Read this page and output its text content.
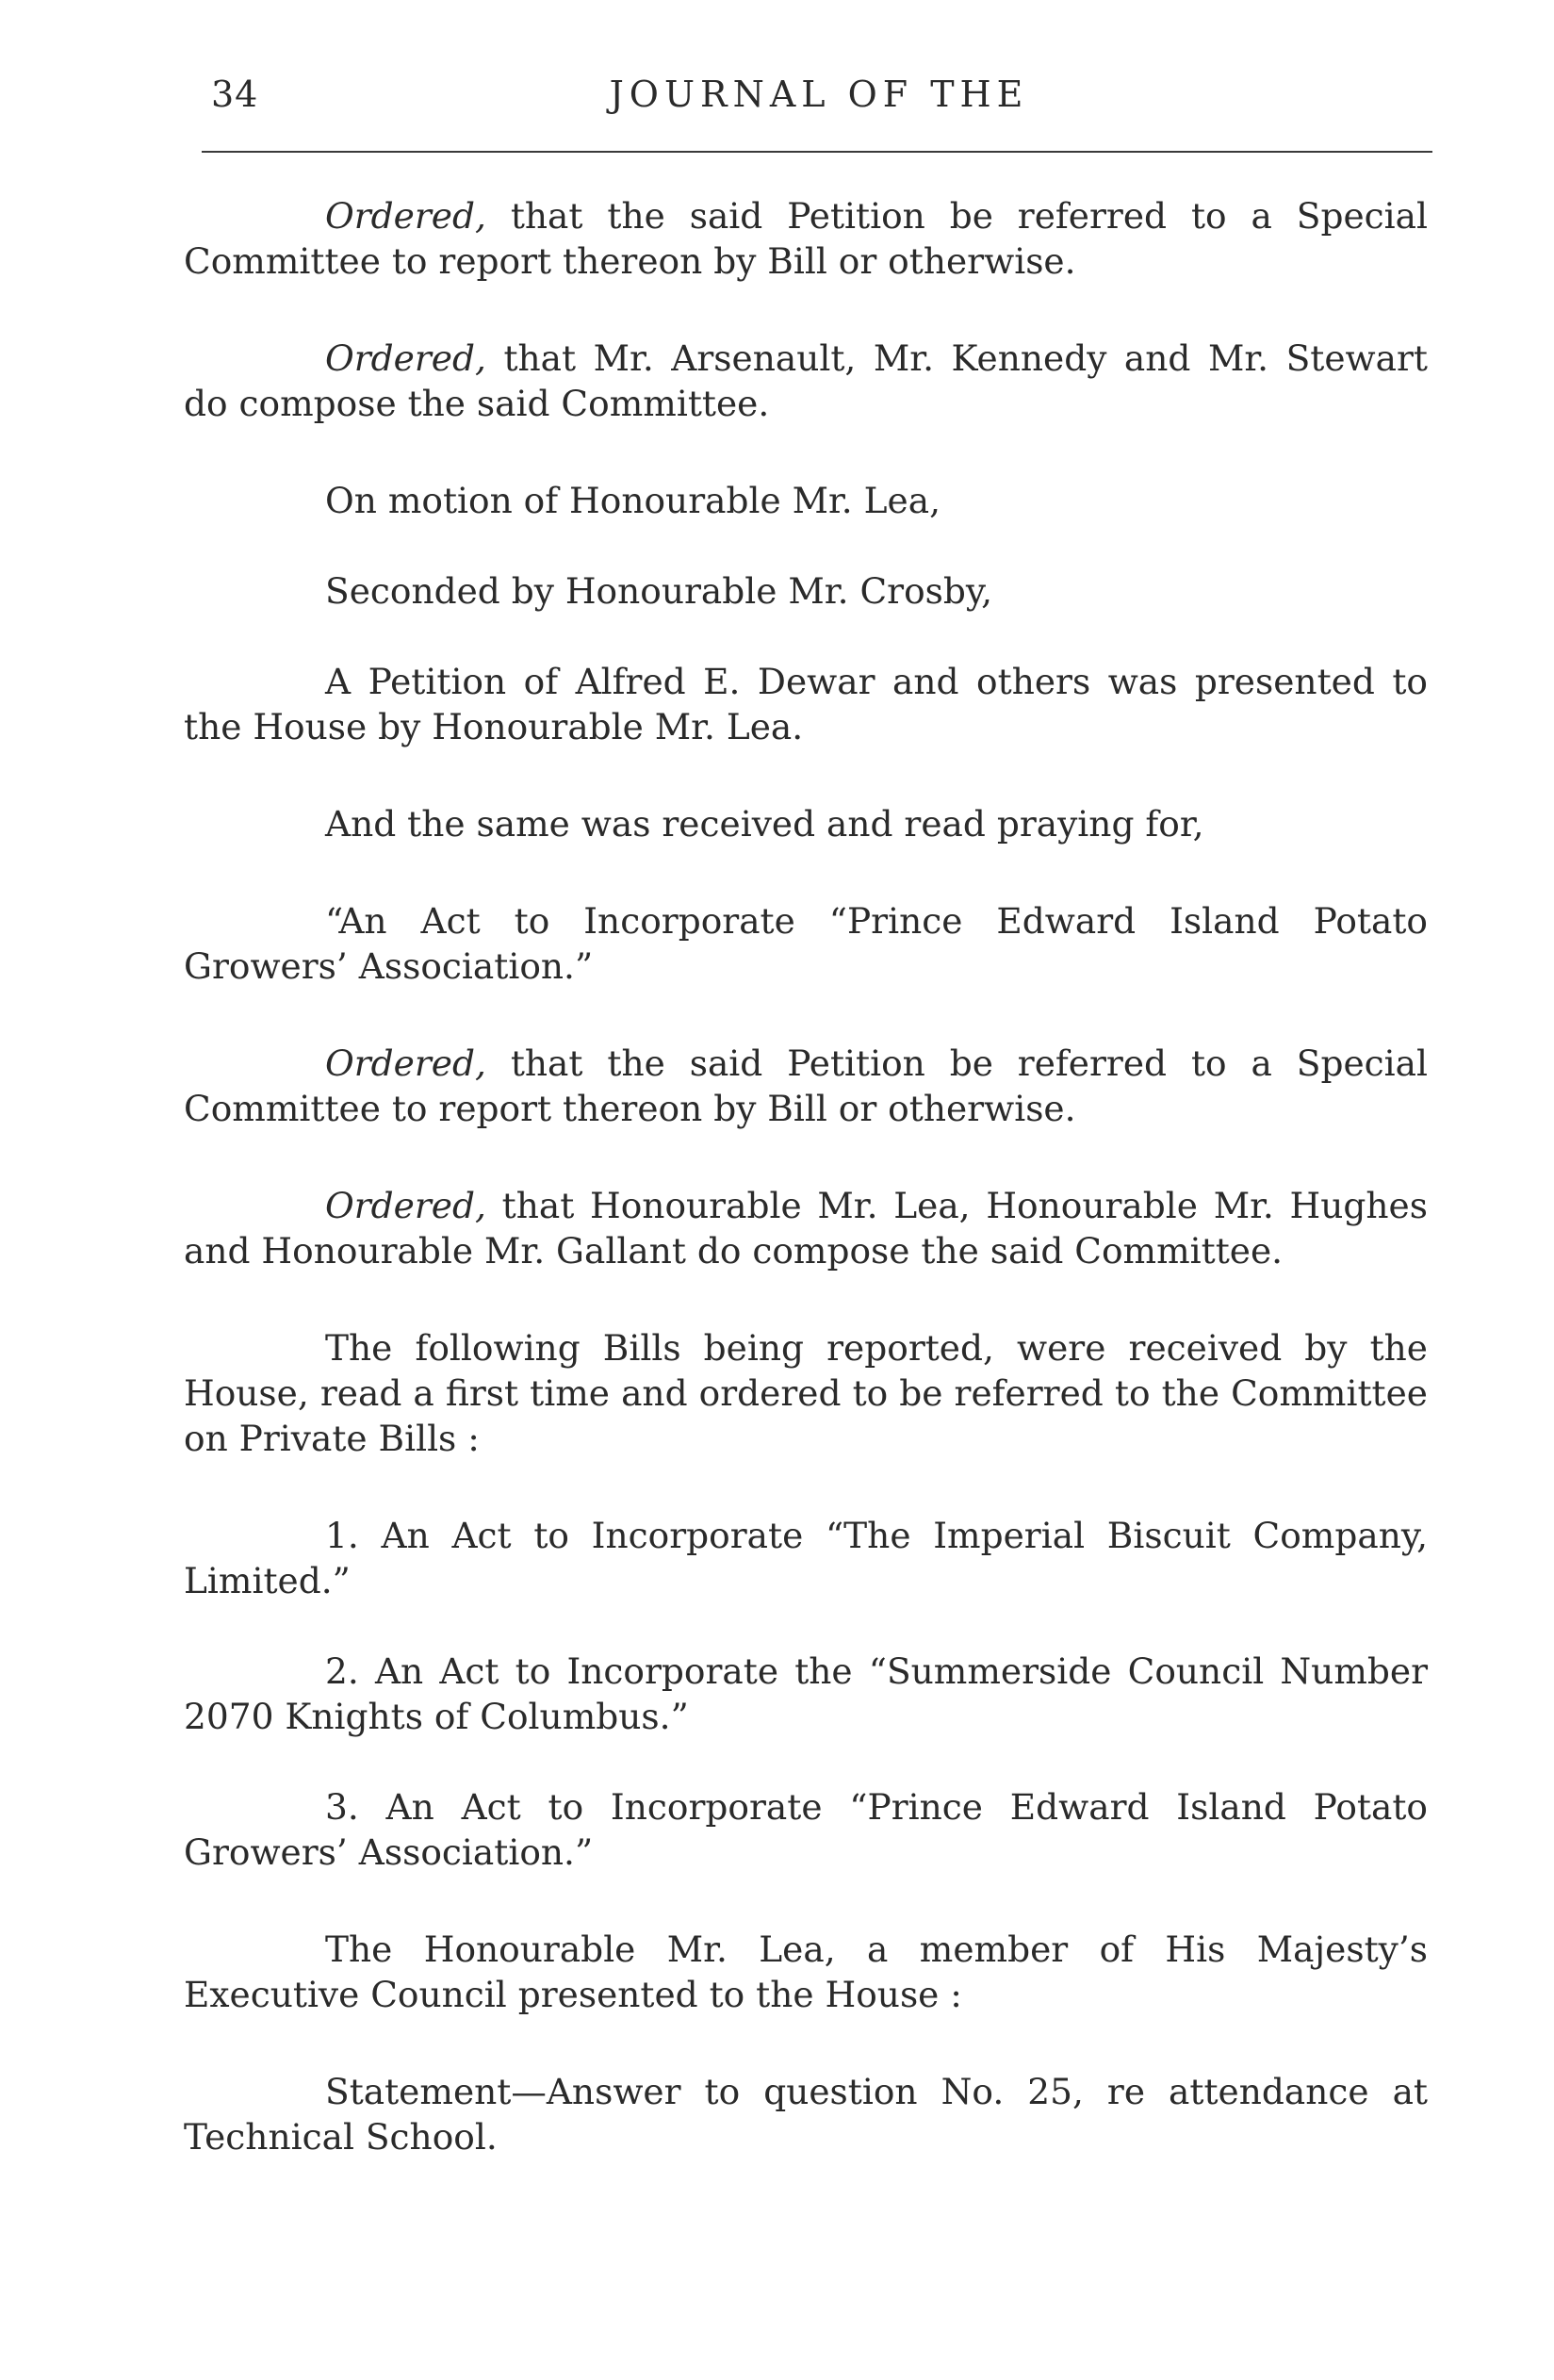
34	JOURNAL OF THE

Ordered, that the said Petition be referred to a Special Committee to report thereon by Bill or otherwise.

Ordered, that Mr. Arsenault, Mr. Kennedy and Mr. Stewart do compose the said Committee.

On motion of Honourable Mr. Lea,

Seconded by Honourable Mr. Crosby,

A Petition of Alfred E. Dewar and others was presented to the House by Honourable Mr. Lea.

And the same was received and read praying for,

“An Act to Incorporate “Prince Edward Island Potato Growers’ Association.”

Ordered, that the said Petition be referred to a Special Committee to report thereon by Bill or otherwise.

Ordered, that Honourable Mr. Lea, Honourable Mr. Hughes and Honourable Mr. Gallant do compose the said Committee.

The following Bills being reported, were received by the House, read a first time and ordered to be referred to the Committee on Private Bills :

1. An Act to Incorporate “The Imperial Biscuit Company, Limited.”

2. An Act to Incorporate the “Summerside Council Number 2070 Knights of Columbus.”

3. An Act to Incorporate “Prince Edward Island Potato Growers’ Association.”

The Honourable Mr. Lea, a member of His Majesty’s Executive Council presented to the House :

Statement—Answer to question No. 25, re attendance at Technical School.
